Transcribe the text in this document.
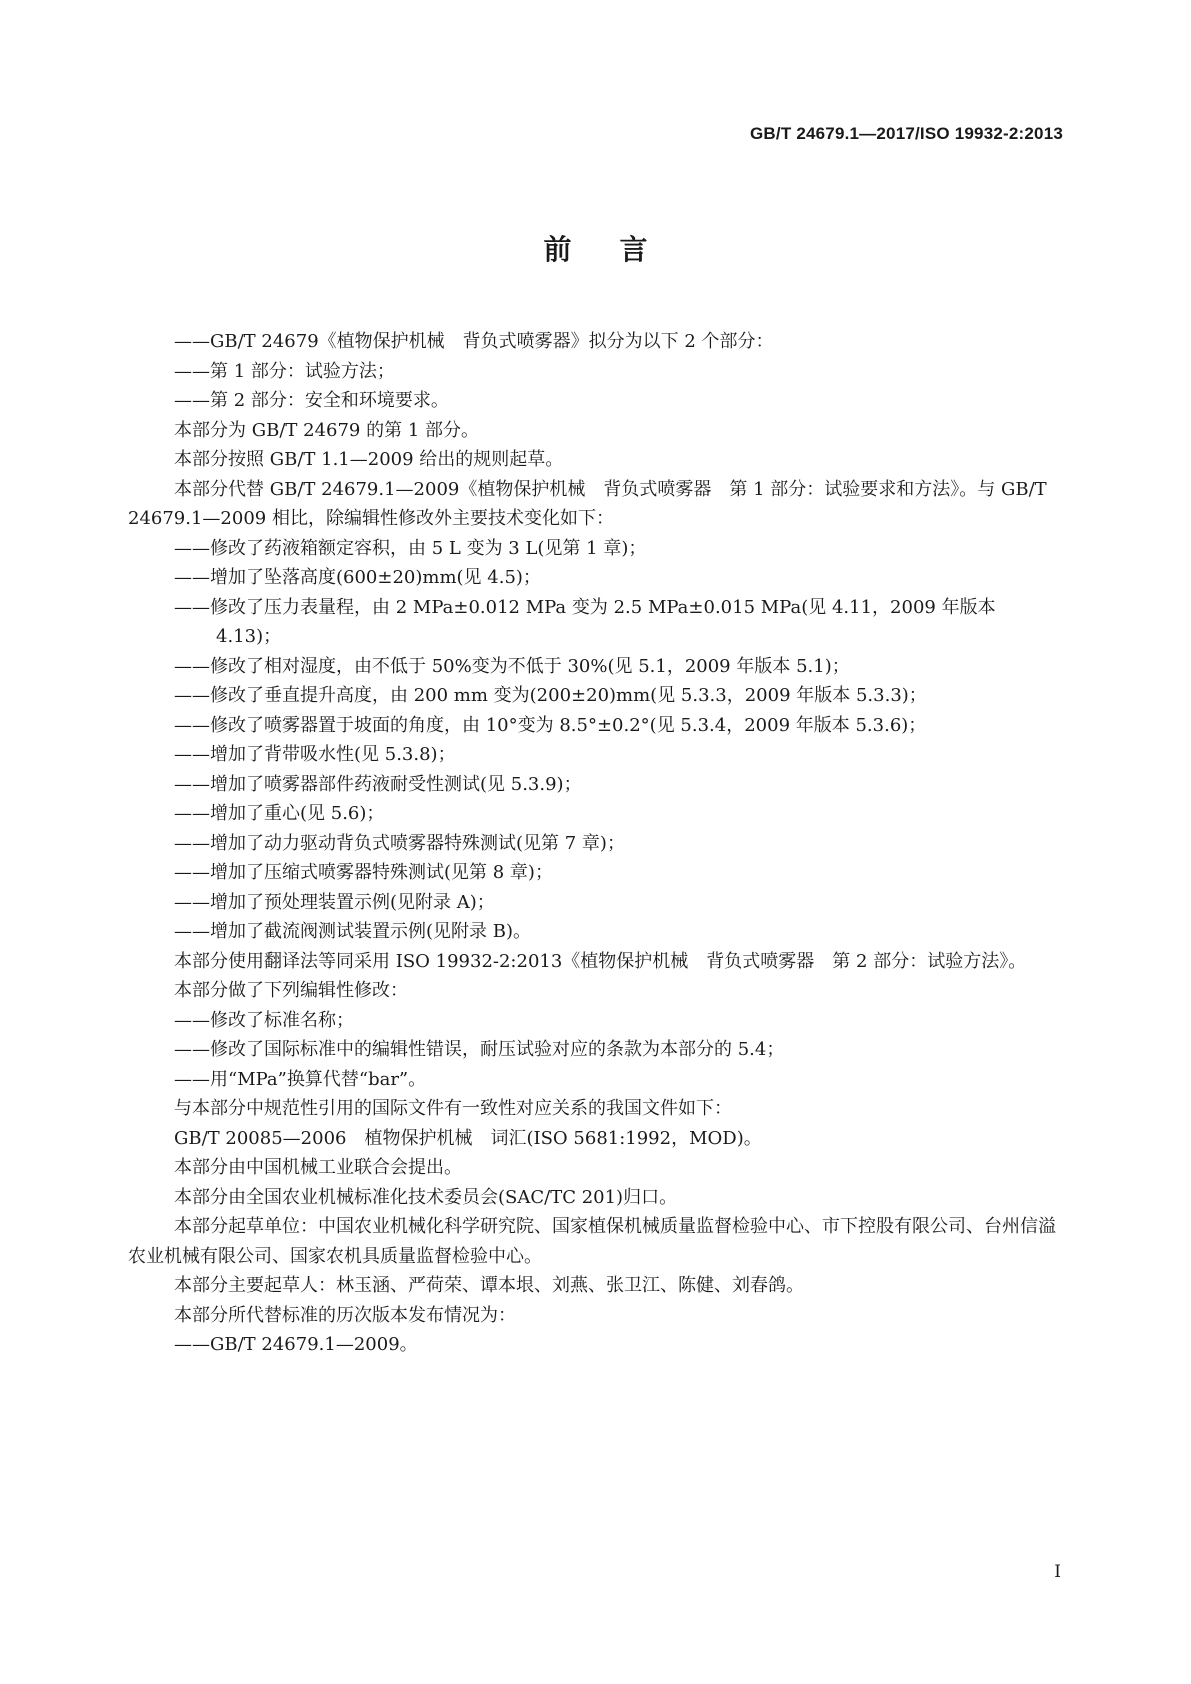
GB/T 24679.1—2017/ISO 19932-2:2013
前言
——GB/T 24679《植物保护机械　背负式喷雾器》拟分为以下 2 个部分：
——第 1 部分：试验方法；
——第 2 部分：安全和环境要求。
本部分为 GB/T 24679 的第 1 部分。
本部分按照 GB/T 1.1—2009 给出的规则起草。
本部分代替 GB/T 24679.1—2009《植物保护机械　背负式喷雾器　第 1 部分：试验要求和方法》。与 GB/T 24679.1—2009 相比，除编辑性修改外主要技术变化如下：
——修改了药液箱额定容积，由 5 L 变为 3 L(见第 1 章)；
——增加了坠落高度(600±20)mm(见 4.5)；
——修改了压力表量程，由 2 MPa±0.012 MPa 变为 2.5 MPa±0.015 MPa(见 4.11，2009 年版本 4.13)；
——修改了相对湿度，由不低于 50%变为不低于 30%(见 5.1，2009 年版本 5.1)；
——修改了垂直提升高度，由 200 mm 变为(200±20)mm(见 5.3.3，2009 年版本 5.3.3)；
——修改了喷雾器置于坡面的角度，由 10°变为 8.5°±0.2°(见 5.3.4，2009 年版本 5.3.6)；
——增加了背带吸水性(见 5.3.8)；
——增加了喷雾器部件药液耐受性测试(见 5.3.9)；
——增加了重心(见 5.6)；
——增加了动力驱动背负式喷雾器特殊测试(见第 7 章)；
——增加了压缩式喷雾器特殊测试(见第 8 章)；
——增加了预处理装置示例(见附录 A)；
——增加了截流阀测试装置示例(见附录 B)。
本部分使用翻译法等同采用 ISO 19932-2:2013《植物保护机械　背负式喷雾器　第 2 部分：试验方法》。
本部分做了下列编辑性修改：
——修改了标准名称；
——修改了国际标准中的编辑性错误，耐压试验对应的条款为本部分的 5.4；
——用“MPa”换算代替“bar”。
与本部分中规范性引用的国际文件有一致性对应关系的我国文件如下：
GB/T 20085—2006　植物保护机械　词汇(ISO 5681:1992，MOD)。
本部分由中国机械工业联合会提出。
本部分由全国农业机械标准化技术委员会(SAC/TC 201)归口。
本部分起草单位：中国农业机械化科学研究院、国家植保机械质量监督检验中心、市下控股有限公司、台州信溢农业机械有限公司、国家农机具质量监督检验中心。
本部分主要起草人：林玉涵、严荷荣、谭本垠、刘燕、张卫江、陈健、刘春鸽。
本部分所代替标准的历次版本发布情况为：
——GB/T 24679.1—2009。
I
